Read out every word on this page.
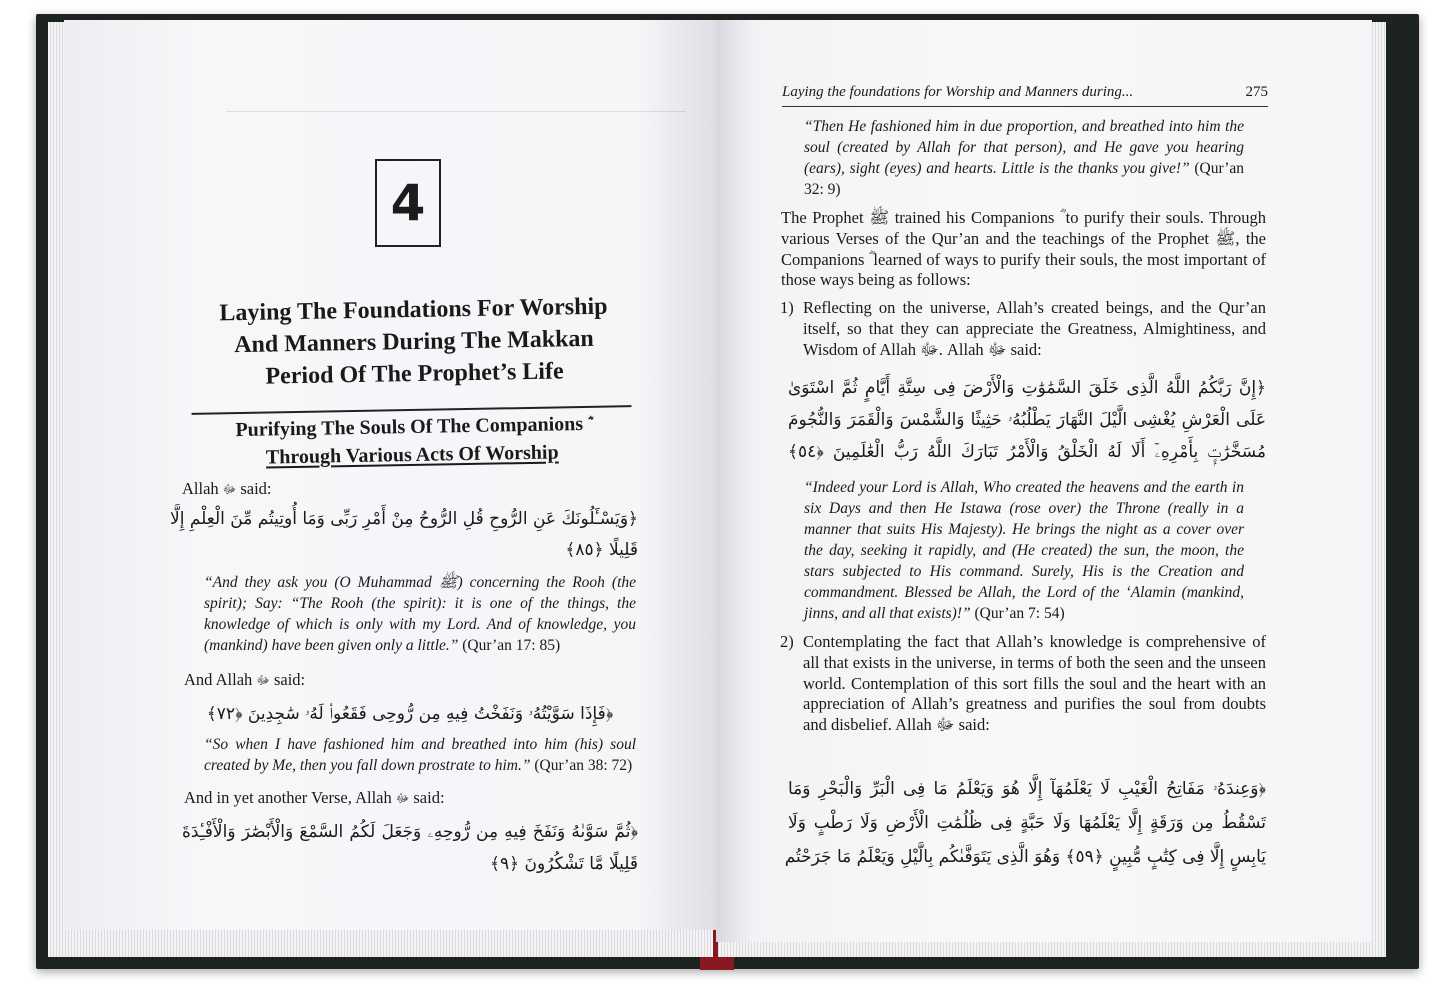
4
Laying The Foundations For Worship
And Manners During The Makkan
Period Of The Prophet’s Life
Purifying The Souls Of The Companions ؓ
Through Various Acts Of Worship
Allah ﷻ said:
﴿وَيَسْـَٔلُونَكَ عَنِ الرُّوحِ قُلِ الرُّوحُ مِنْ أَمْرِ رَبِّى وَمَا أُوتِيتُم مِّنَ الْعِلْمِ إِلَّا
قَلِيلًا ﴿٨٥﴾
“And they ask you (O Muhammad ﷺ) concerning the Rooh (the spirit); Say: “The Rooh (the spirit): it is one of the things, the knowledge of which is only with my Lord. And of knowledge, you (mankind) have been given only a little.” (Qur’an 17: 85)
And Allah ﷻ said:
﴿فَإِذَا سَوَّيْتُهُۥ وَنَفَخْتُ فِيهِ مِن رُّوحِى فَقَعُوا۟ لَهُۥ سَٰجِدِينَ ﴿٧٢﴾
“So when I have fashioned him and breathed into him (his) soul created by Me, then you fall down prostrate to him.” (Qur’an 38: 72)
And in yet another Verse, Allah ﷻ said:
﴿ثُمَّ سَوَّىٰهُ وَنَفَخَ فِيهِ مِن رُّوحِهِۦ وَجَعَلَ لَكُمُ السَّمْعَ وَالْأَبْصَٰرَ وَالْأَفْـِٔدَةَ
قَلِيلًا مَّا تَشْكُرُونَ ﴿٩﴾
Laying the foundations for Worship and Manners during...	275
“Then He fashioned him in due proportion, and breathed into him the soul (created by Allah for that person), and He gave you hearing (ears), sight (eyes) and hearts. Little is the thanks you give!” (Qur’an 32: 9)

The Prophet ﷺ trained his Companions ؓ to purify their souls. Through various Verses of the Qur’an and the teachings of the Prophet ﷺ, the Companions ؓ learned of ways to purify their souls, the most important of those ways being as follows:

1) Reflecting on the universe, Allah’s created beings, and the Qur’an itself, so that they can appreciate the Greatness, Almightiness, and Wisdom of Allah ﷻ. Allah ﷻ said:
﴿إِنَّ رَبَّكُمُ اللَّهُ الَّذِى خَلَقَ السَّمَٰوَٰتِ وَالْأَرْضَ فِى سِتَّةِ أَيَّامٍ ثُمَّ اسْتَوَىٰ
عَلَى الْعَرْشِ يُغْشِى الَّيْلَ النَّهَارَ يَطْلُبُهُۥ حَثِيثًا وَالشَّمْسَ وَالْقَمَرَ وَالنُّجُومَ
مُسَخَّرَٰتٍۭ بِأَمْرِهِۦٓ أَلَا لَهُ الْخَلْقُ وَالْأَمْرُ تَبَارَكَ اللَّهُ رَبُّ الْعَٰلَمِينَ ﴿٥٤﴾
“Indeed your Lord is Allah, Who created the heavens and the earth in six Days and then He Istawa (rose over) the Throne (really in a manner that suits His Majesty). He brings the night as a cover over the day, seeking it rapidly, and (He created) the sun, the moon, the stars subjected to His command. Surely, His is the Creation and commandment. Blessed be Allah, the Lord of the ‘Alamin (mankind, jinns, and all that exists)!” (Qur’an 7: 54)
2) Contemplating the fact that Allah’s knowledge is comprehensive of all that exists in the universe, in terms of both the seen and the unseen world. Contemplation of this sort fills the soul and the heart with an appreciation of Allah’s greatness and purifies the soul from doubts and disbelief. Allah ﷻ said:
﴿وَعِندَهُۥ مَفَاتِحُ الْغَيْبِ لَا يَعْلَمُهَآ إِلَّا هُوَ وَيَعْلَمُ مَا فِى الْبَرِّ وَالْبَحْرِ وَمَا
تَسْقُطُ مِن وَرَقَةٍ إِلَّا يَعْلَمُهَا وَلَا حَبَّةٍ فِى ظُلُمَٰتِ الْأَرْضِ وَلَا رَطْبٍ وَلَا
يَابِسٍ إِلَّا فِى كِتَٰبٍ مُّبِينٍ ﴿٥٩﴾ وَهُوَ الَّذِى يَتَوَفَّىٰكُم بِالَّيْلِ وَيَعْلَمُ مَا جَرَحْتُم
